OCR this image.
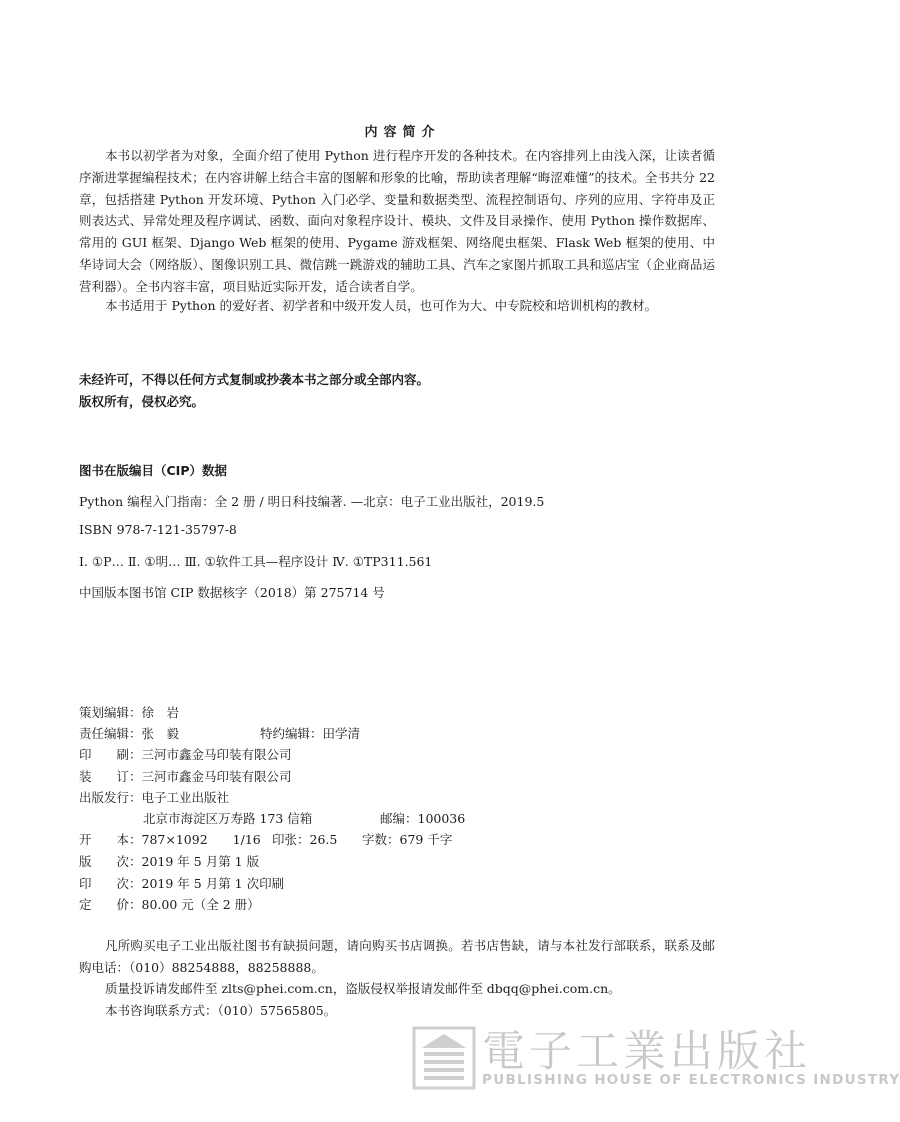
内容简介

本书以初学者为对象，全面介绍了使用 Python 进行程序开发的各种技术。在内容排列上由浅入深，让读者循序渐进掌握编程技术；在内容讲解上结合丰富的图解和形象的比喻，帮助读者理解“晦涩难懂”的技术。全书共分 22 章，包括搭建 Python 开发环境、Python 入门必学、变量和数据类型、流程控制语句、序列的应用、字符串及正则表达式、异常处理及程序调试、函数、面向对象程序设计、模块、文件及目录操作、使用 Python 操作数据库、常用的 GUI 框架、Django Web 框架的使用、Pygame 游戏框架、网络爬虫框架、Flask Web 框架的使用、中华诗词大会（网络版）、图像识别工具、微信跳一跳游戏的辅助工具、汽车之家图片抓取工具和巡店宝（企业商品运营利器）。全书内容丰富，项目贴近实际开发，适合读者自学。

本书适用于 Python 的爱好者、初学者和中级开发人员，也可作为大、中专院校和培训机构的教材。

未经许可，不得以任何方式复制或抄袭本书之部分或全部内容。
版权所有，侵权必究。
图书在版编目（CIP）数据
Python 编程入门指南：全 2 册 / 明日科技编著. —北京：电子工业出版社，2019.5
ISBN 978-7-121-35797-8
Ⅰ. ①P… Ⅱ. ①明… Ⅲ. ①软件工具—程序设计 Ⅳ. ①TP311.561
中国版本图书馆 CIP 数据核字（2018）第 275714 号
策划编辑：徐　岩
责任编辑：张　毅	特约编辑：田学清
印　　刷：三河市鑫金马印装有限公司
装　　订：三河市鑫金马印装有限公司
出版发行：电子工业出版社
北京市海淀区万寿路 173 信箱	邮编：100036
开　　本：787×1092　　1/16 印张：26.5 字数：679 千字
版　　次：2019 年 5 月第 1 版
印　　次：2019 年 5 月第 1 次印刷
定　　价：80.00 元（全 2 册）

凡所购买电子工业出版社图书有缺损问题，请向购买书店调换。若书店售缺，请与本社发行部联系，联系及邮购电话：（010）88254888，88258888。

质量投诉请发邮件至 zlts@phei.com.cn，盗版侵权举报请发邮件至 dbqq@phei.com.cn。

本书咨询联系方式：（010）57565805。

電子工業出版社
PUBLISHING HOUSE OF ELECTRONICS INDUSTRY
